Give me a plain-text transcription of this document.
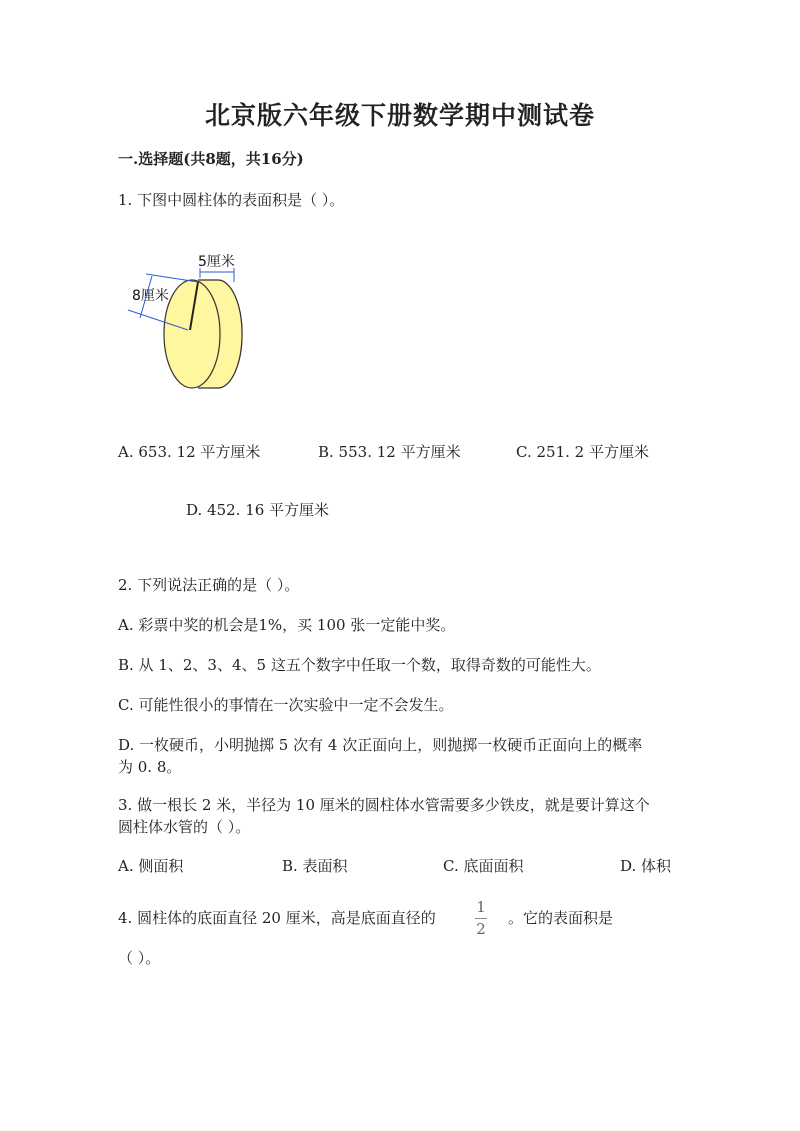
北京版六年级下册数学期中测试卷
一.选择题(共8题，共16分)
1. 下图中圆柱体的表面积是（ ）。
5厘米
8厘米
A. 653. 12 平方厘米	B. 553. 12 平方厘米	C. 251. 2 平方厘米
D. 452. 16 平方厘米
2. 下列说法正确的是（ ）。
A. 彩票中奖的机会是1%，买 100 张一定能中奖。
B. 从 1、2、3、4、5 这五个数字中任取一个数，取得奇数的可能性大。
C. 可能性很小的事情在一次实验中一定不会发生。
D. 一枚硬币，小明抛掷 5 次有 4 次正面向上，则抛掷一枚硬币正面向上的概率
为 0. 8。
3. 做一根长 2 米，半径为 10 厘米的圆柱体水管需要多少铁皮，就是要计算这个
圆柱体水管的（ ）。
A. 侧面积	B. 表面积	C. 底面面积	D. 体积
4. 圆柱体的底面直径 20 厘米，高是底面直径的
1
2
。它的表面积是
（ ）。
